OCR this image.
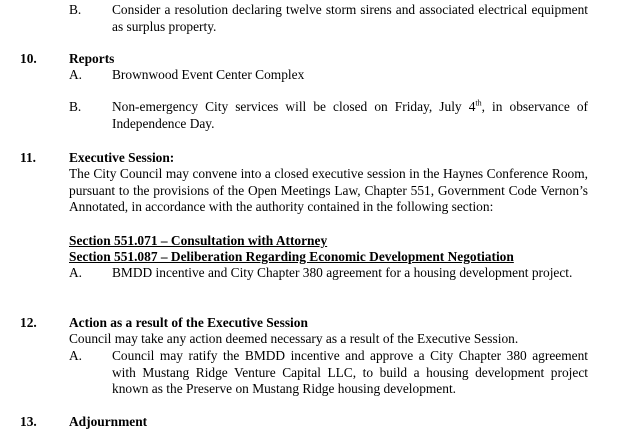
B. Consider a resolution declaring twelve storm sirens and associated electrical equipment as surplus property.
10. Reports
A. Brownwood Event Center Complex
B. Non-emergency City services will be closed on Friday, July 4th, in observance of Independence Day.
11. Executive Session:
The City Council may convene into a closed executive session in the Haynes Conference Room, pursuant to the provisions of the Open Meetings Law, Chapter 551, Government Code Vernon’s Annotated, in accordance with the authority contained in the following section:
Section 551.071 – Consultation with Attorney
Section 551.087 – Deliberation Regarding Economic Development Negotiation
A. BMDD incentive and City Chapter 380 agreement for a housing development project.
12. Action as a result of the Executive Session
Council may take any action deemed necessary as a result of the Executive Session.
A. Council may ratify the BMDD incentive and approve a City Chapter 380 agreement with Mustang Ridge Venture Capital LLC, to build a housing development project known as the Preserve on Mustang Ridge housing development.
13. Adjournment
